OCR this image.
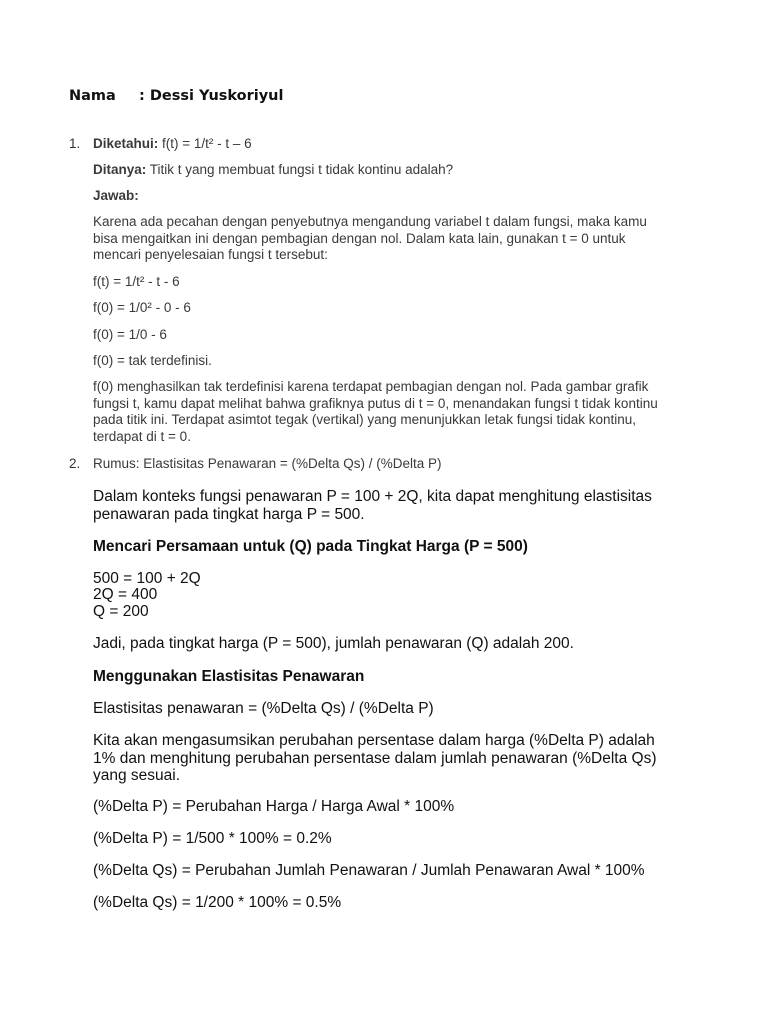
Nama : Dessi Yuskoriyul
1. Diketahui: f(t) = 1/t² - t – 6
Ditanya: Titik t yang membuat fungsi t tidak kontinu adalah?
Jawab:
Karena ada pecahan dengan penyebutnya mengandung variabel t dalam fungsi, maka kamu bisa mengaitkan ini dengan pembagian dengan nol. Dalam kata lain, gunakan t = 0 untuk mencari penyelesaian fungsi t tersebut:
f(t) = 1/t² - t - 6
f(0) = 1/0² - 0 - 6
f(0) = 1/0 - 6
f(0) = tak terdefinisi.
f(0) menghasilkan tak terdefinisi karena terdapat pembagian dengan nol. Pada gambar grafik fungsi t, kamu dapat melihat bahwa grafiknya putus di t = 0, menandakan fungsi t tidak kontinu pada titik ini. Terdapat asimtot tegak (vertikal) yang menunjukkan letak fungsi tidak kontinu, terdapat di t = 0.
2. Rumus: Elastisitas Penawaran = (%Delta Qs) / (%Delta P)
Dalam konteks fungsi penawaran P = 100 + 2Q, kita dapat menghitung elastisitas penawaran pada tingkat harga P = 500.
Mencari Persamaan untuk (Q) pada Tingkat Harga (P = 500)
500 = 100 + 2Q
2Q = 400
Q = 200
Jadi, pada tingkat harga (P = 500), jumlah penawaran (Q) adalah 200.
Menggunakan Elastisitas Penawaran
Elastisitas penawaran = (%Delta Qs) / (%Delta P)
Kita akan mengasumsikan perubahan persentase dalam harga (%Delta P) adalah 1% dan menghitung perubahan persentase dalam jumlah penawaran (%Delta Qs) yang sesuai.
(%Delta P) = Perubahan Harga / Harga Awal * 100%
(%Delta P) = 1/500 * 100% = 0.2%
(%Delta Qs) = Perubahan Jumlah Penawaran / Jumlah Penawaran Awal * 100%
(%Delta Qs) = 1/200 * 100% = 0.5%
